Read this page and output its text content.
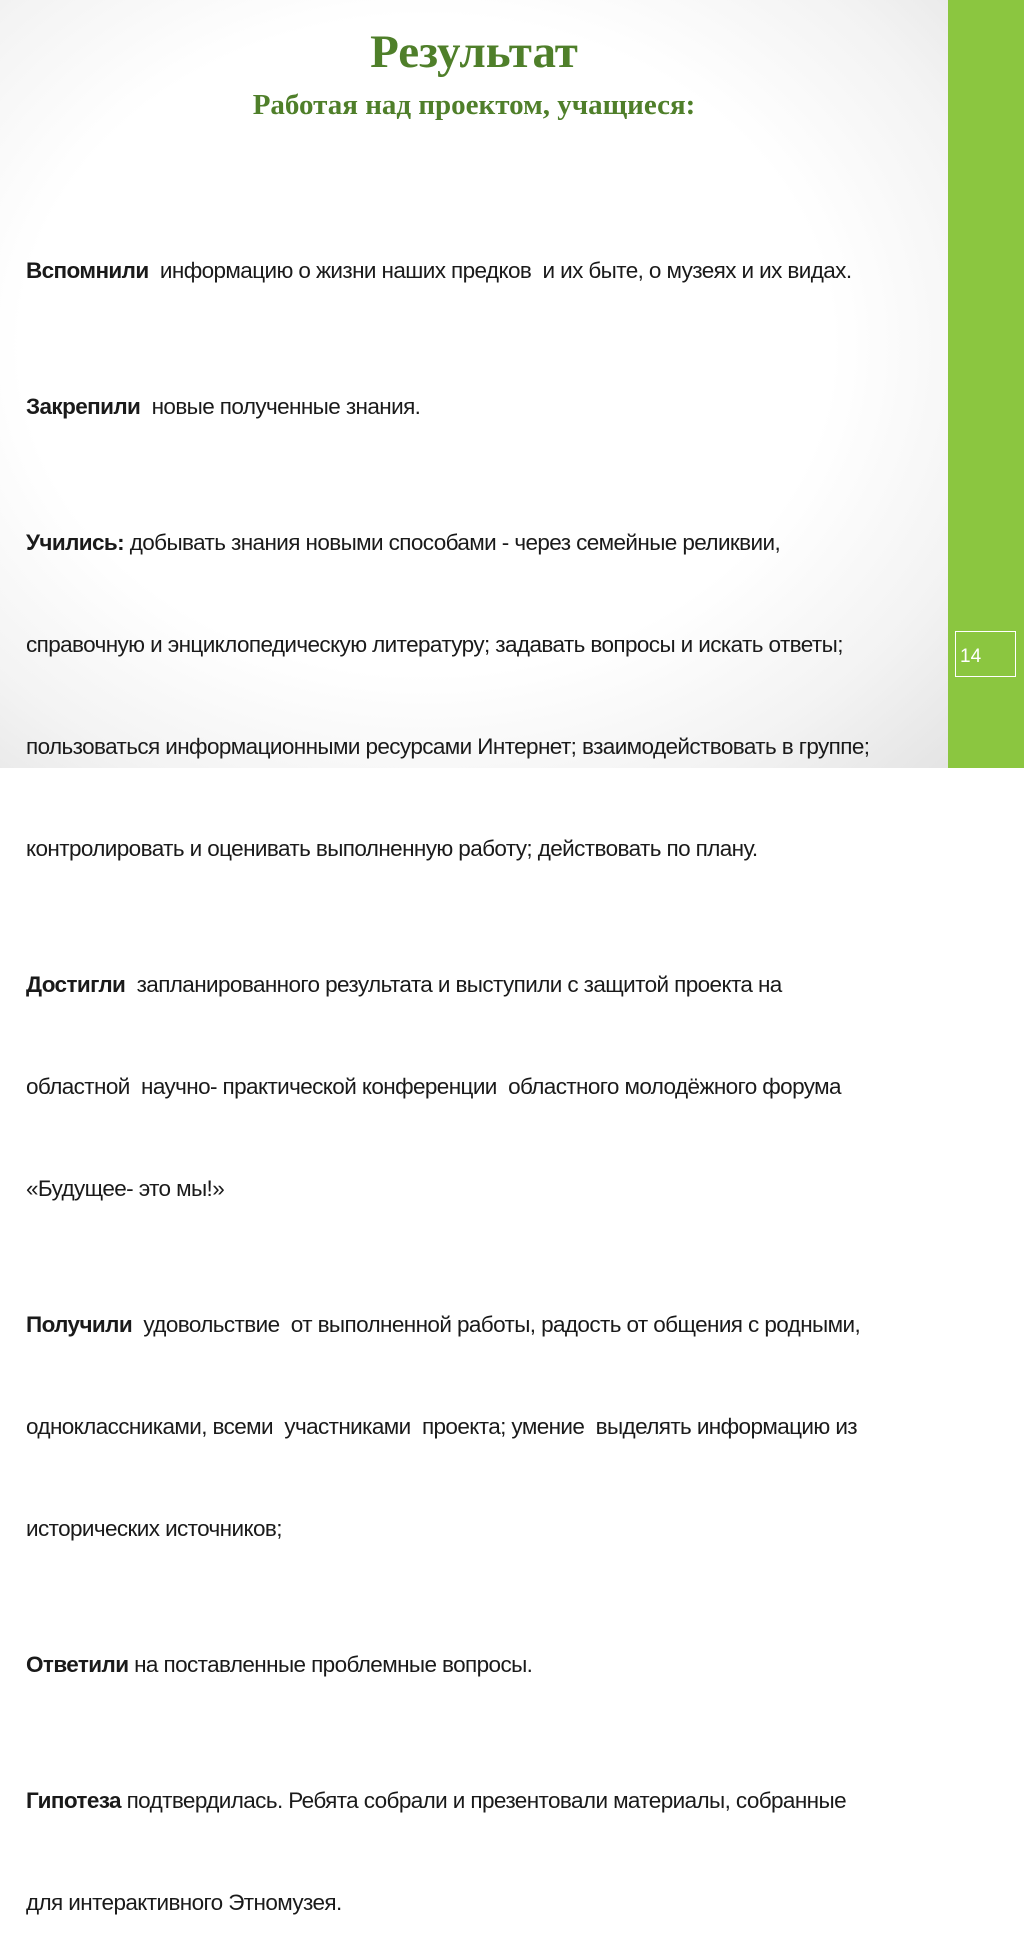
Результат
Работая над проектом, учащиеся:

Вспомнили  информацию о жизни наших предков  и их быте, о музеях и их видах.

Закрепили  новые полученные знания.

Учились: добывать знания новыми способами - через семейные реликвии,

справочную и энциклопедическую литературу; задавать вопросы и искать ответы;

пользоваться информационными ресурсами Интернет; взаимодействовать в группе;

контролировать и оценивать выполненную работу; действовать по плану.

Достигли  запланированного результата и выступили с защитой проекта на

областной  научно- практической конференции  областного молодёжного форума

«Будущее- это мы!»

Получили  удовольствие  от выполненной работы, радость от общения с родными,

одноклассниками, всеми  участниками  проекта; умение  выделять информацию из

исторических источников;

Ответили на поставленные проблемные вопросы.

Гипотеза подтвердилась. Ребята собрали и презентовали материалы, собранные

для интерактивного Этномузея.

14
